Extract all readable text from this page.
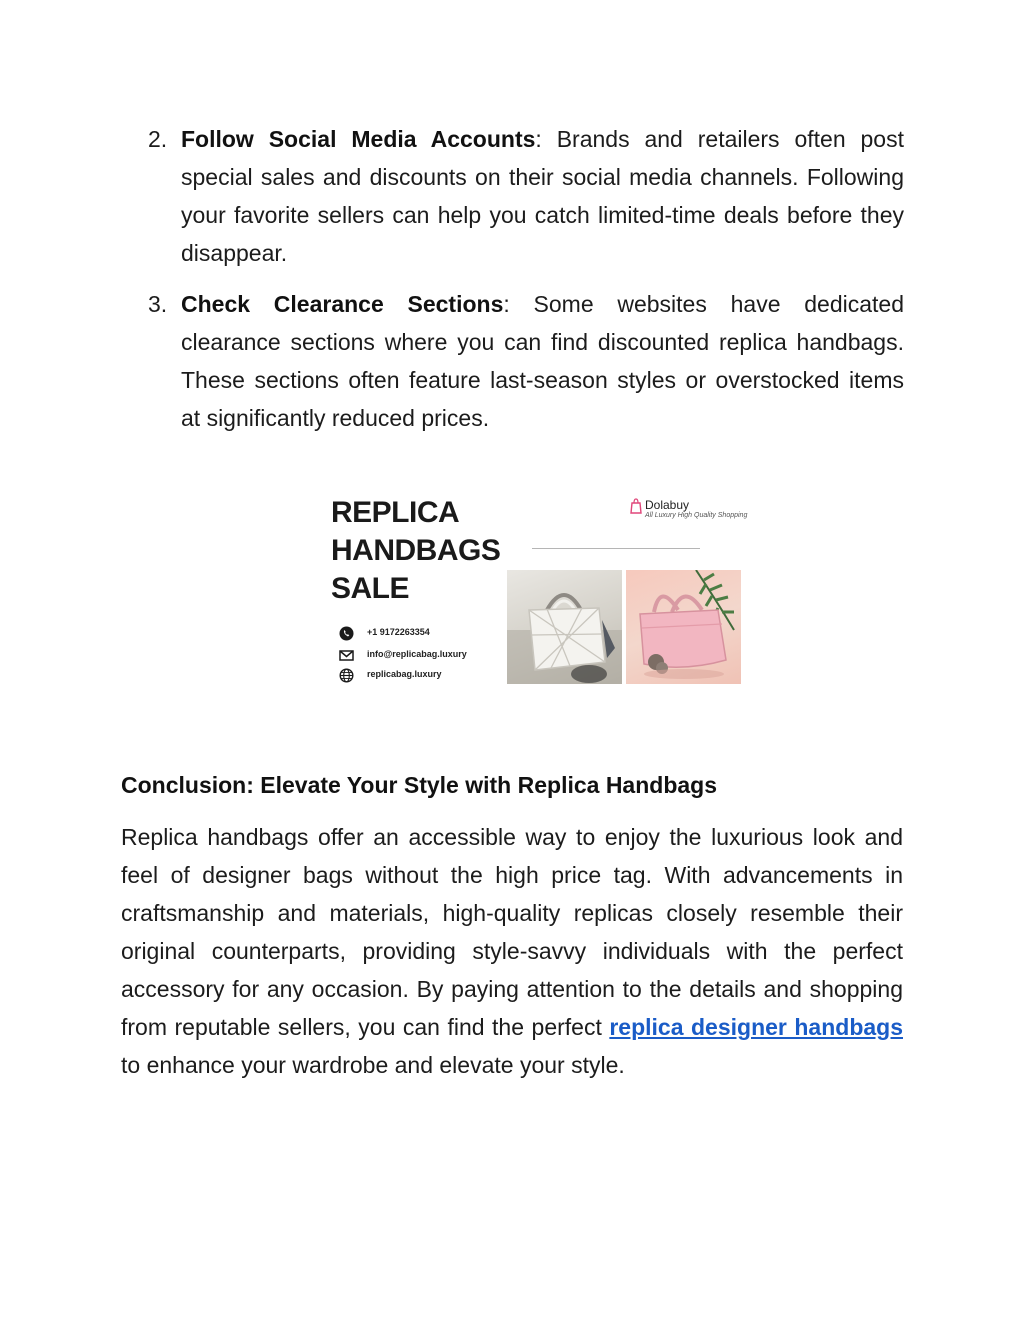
2. Follow Social Media Accounts: Brands and retailers often post special sales and discounts on their social media channels. Following your favorite sellers can help you catch limited-time deals before they disappear.

3. Check Clearance Sections: Some websites have dedicated clearance sections where you can find discounted replica handbags. These sections often feature last-season styles or overstocked items at significantly reduced prices.

REPLICA
HANDBAGS
SALE

Dolabuy
All Luxury High Quality Shopping
+1 9172263354
info@replicabag.luxury
replicabag.luxury
Conclusion: Elevate Your Style with Replica Handbags

Replica handbags offer an accessible way to enjoy the luxurious look and feel of designer bags without the high price tag. With advancements in craftsmanship and materials, high-quality replicas closely resemble their original counterparts, providing style-savvy individuals with the perfect accessory for any occasion. By paying attention to the details and shopping from reputable sellers, you can find the perfect replica designer handbags to enhance your wardrobe and elevate your style.
